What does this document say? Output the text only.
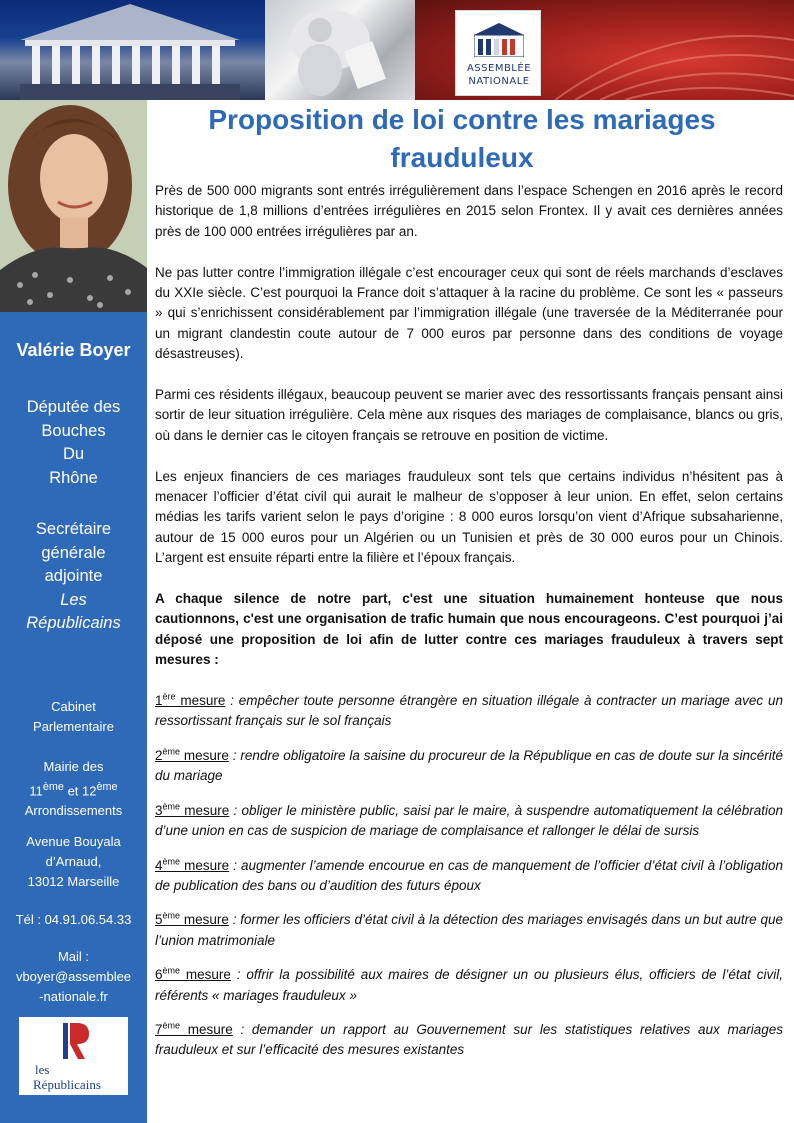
ASSEMBLÉE
NATIONALE
Valérie Boyer
Députée des
Bouches
Du
Rhône
Secrétaire
générale
adjointe
Les
Républicains
Cabinet
Parlementaire
Mairie des
11ème et 12ème
Arrondissements
Avenue Bouyala
d’Arnaud,
13012 Marseille
Tél : 04.91.06.54.33
Mail :
vboyer@assemblee
-nationale.fr
les
Républicains
Proposition de loi contre les mariages frauduleux

Près de 500 000 migrants sont entrés irrégulièrement dans l’espace Schengen en 2016 après le record historique de 1,8 millions d’entrées irrégulières en 2015 selon Frontex. Il y avait ces dernières années près de 100 000 entrées irrégulières par an.

Ne pas lutter contre l’immigration illégale c’est encourager ceux qui sont de réels marchands d’esclaves du XXIe siècle. C’est pourquoi la France doit s’attaquer à la racine du problème. Ce sont les « passeurs » qui s’enrichissent considérablement par l’immigration illégale (une traversée de la Méditerranée pour un migrant clandestin coute autour de 7 000 euros par personne dans des conditions de voyage désastreuses).

Parmi ces résidents illégaux, beaucoup peuvent se marier avec des ressortissants français pensant ainsi sortir de leur situation irrégulière. Cela mène aux risques des mariages de complaisance, blancs ou gris, où dans le dernier cas le citoyen français se retrouve en position de victime.

Les enjeux financiers de ces mariages frauduleux sont tels que certains individus n’hésitent pas à menacer l’officier d’état civil qui aurait le malheur de s’opposer à leur union. En effet, selon certains médias les tarifs varient selon le pays d’origine : 8 000 euros lorsqu’on vient d’Afrique subsaharienne, autour de 15 000 euros pour un Algérien ou un Tunisien et près de 30 000 euros pour un Chinois. L’argent est ensuite réparti entre la filière et l’époux français.

A chaque silence de notre part, c'est une situation humainement honteuse que nous cautionnons, c'est une organisation de trafic humain que nous encourageons. C’est pourquoi j’ai déposé une proposition de loi afin de lutter contre ces mariages frauduleux à travers sept mesures :

1ère mesure : empêcher toute personne étrangère en situation illégale à contracter un mariage avec un ressortissant français sur le sol français

2ème mesure : rendre obligatoire la saisine du procureur de la République en cas de doute sur la sincérité du mariage

3ème mesure : obliger le ministère public, saisi par le maire, à suspendre automatiquement la célébration d’une union en cas de suspicion de mariage de complaisance et rallonger le délai de sursis

4ème mesure : augmenter l’amende encourue en cas de manquement de l’officier d’état civil à l’obligation de publication des bans ou d’audition des futurs époux

5ème mesure : former les officiers d’état civil à la détection des mariages envisagés dans un but autre que l’union matrimoniale

6ème mesure : offrir la possibilité aux maires de désigner un ou plusieurs élus, officiers de l’état civil, référents « mariages frauduleux »

7ème mesure : demander un rapport au Gouvernement sur les statistiques relatives aux mariages frauduleux et sur l’efficacité des mesures existantes
